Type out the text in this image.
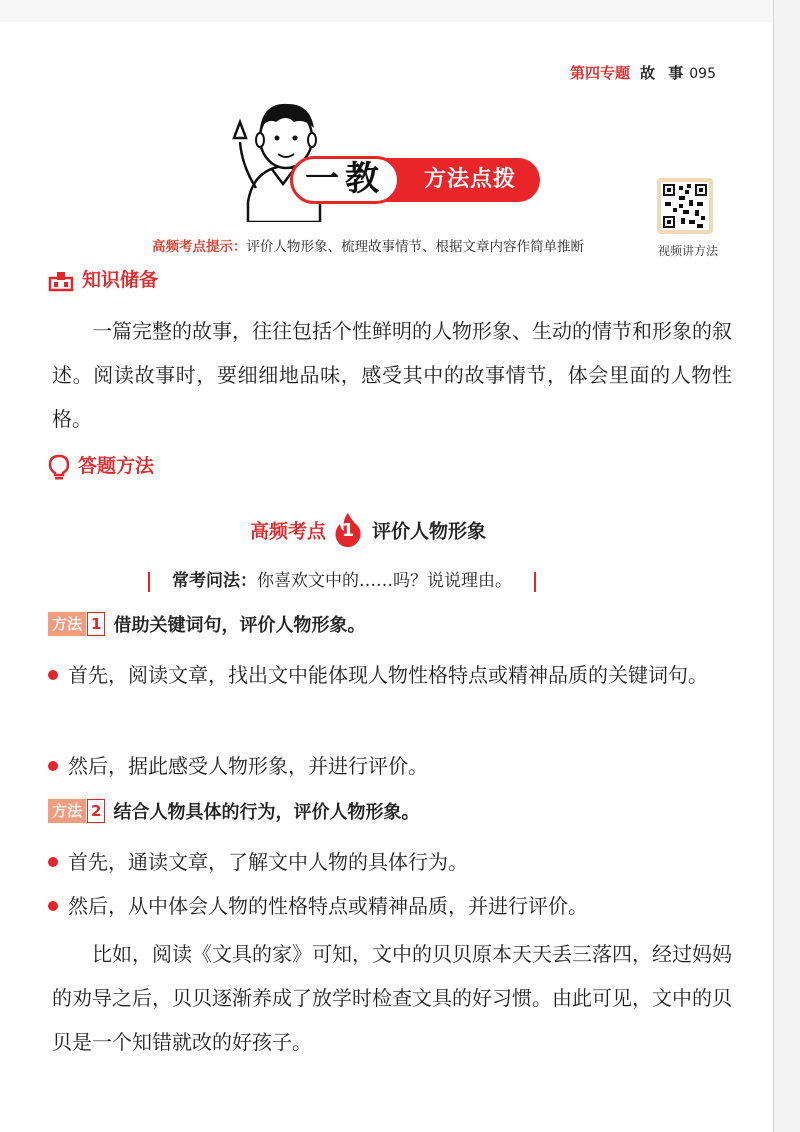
第四专题 故 事 095
一教	方法点拨
视频讲方法
高频考点提示：评价人物形象、梳理故事情节、根据文章内容作简单推断
知识储备
一篇完整的故事，往往包括个性鲜明的人物形象、生动的情节和形象的叙述。阅读故事时，要细细地品味，感受其中的故事情节，体会里面的人物性格。
答题方法
高频考点 1 评价人物形象
常考问法：你喜欢文中的……吗？说说理由。
方法 1 借助关键词句，评价人物形象。
首先，阅读文章，找出文中能体现人物性格特点或精神品质的关键词句。
然后，据此感受人物形象，并进行评价。
方法 2 结合人物具体的行为，评价人物形象。
首先，通读文章，了解文中人物的具体行为。
然后，从中体会人物的性格特点或精神品质，并进行评价。
比如，阅读《文具的家》可知，文中的贝贝原本天天丢三落四，经过妈妈的劝导之后，贝贝逐渐养成了放学时检查文具的好习惯。由此可见，文中的贝贝是一个知错就改的好孩子。
